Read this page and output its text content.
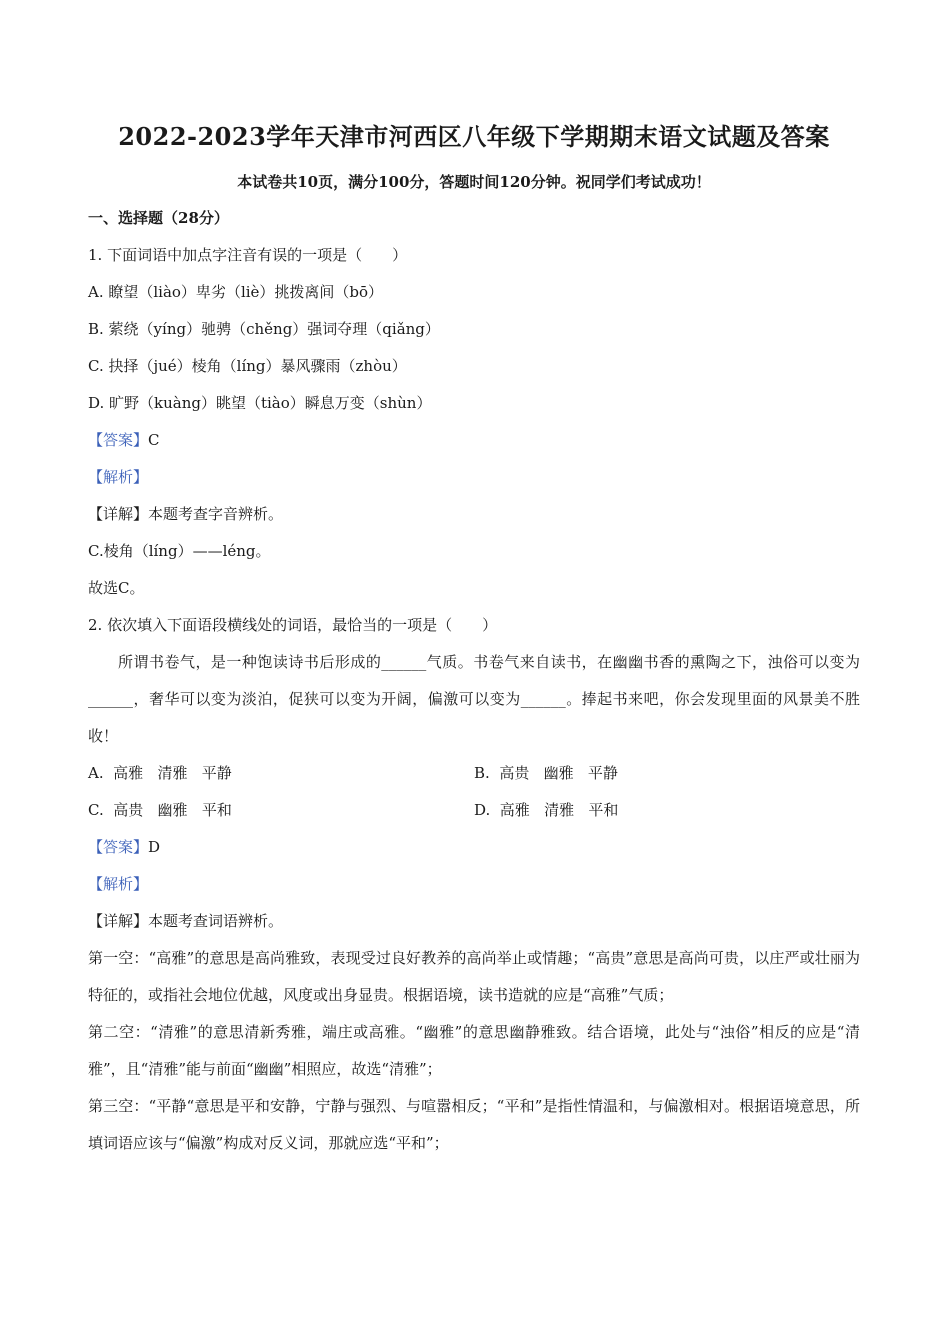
2022-2023学年天津市河西区八年级下学期期末语文试题及答案
本试卷共10页，满分100分，答题时间120分钟。祝同学们考试成功！
一、选择题（28分）
1. 下面词语中加点字注音有误的一项是（　　）
A. 瞭望（liào）卑劣（liè）挑拨离间（bō）
B. 萦绕（yíng）驰骋（chěng）强词夺理（qiǎng）
C. 抉择（jué）棱角（líng）暴风骤雨（zhòu）
D. 旷野（kuàng）眺望（tiào）瞬息万变（shùn）
【答案】C
【解析】
【详解】本题考查字音辨析。
C.棱角（líng）——léng。
故选C。
2. 依次填入下面语段横线处的词语，最恰当的一项是（　　）

所谓书卷气，是一种饱读诗书后形成的______气质。书卷气来自读书，在幽幽书香的熏陶之下，浊俗可以变为______，奢华可以变为淡泊，促狭可以变为开阔，偏激可以变为______。捧起书来吧，你会发现里面的风景美不胜收！

A.  高雅   清雅   平静	B.  高贵   幽雅   平静
C.  高贵   幽雅   平和	D.  高雅   清雅   平和
【答案】D
【解析】
【详解】本题考查词语辨析。

第一空：“高雅”的意思是高尚雅致，表现受过良好教养的高尚举止或情趣；“高贵”意思是高尚可贵，以庄严或壮丽为特征的，或指社会地位优越，风度或出身显贵。根据语境，读书造就的应是“高雅”气质；

第二空：“清雅”的意思清新秀雅，端庄或高雅。“幽雅”的意思幽静雅致。结合语境，此处与“浊俗”相反的应是“清雅”，且“清雅”能与前面“幽幽”相照应，故选“清雅”；

第三空：“平静“意思是平和安静，宁静与强烈、与喧嚣相反；“平和”是指性情温和，与偏激相对。根据语境意思，所填词语应该与“偏激”构成对反义词，那就应选“平和”；
